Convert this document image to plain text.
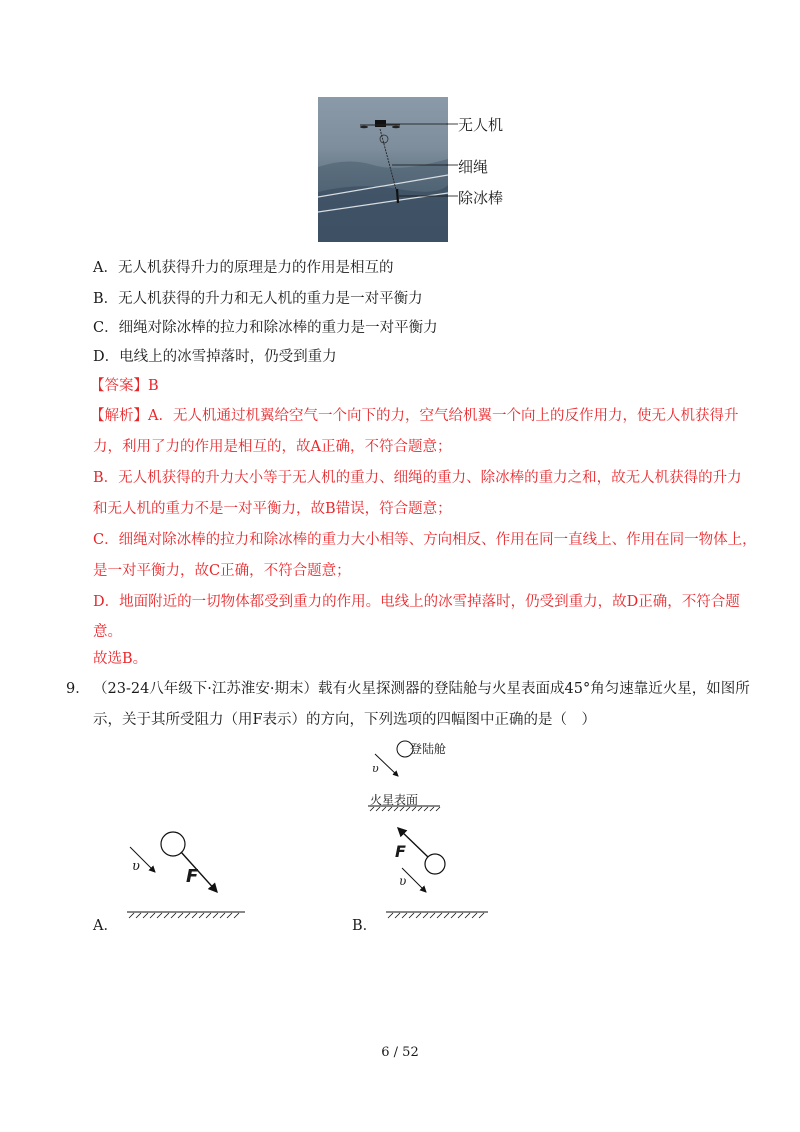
无人机
细绳
除冰棒
A．无人机获得升力的原理是力的作用是相互的
B．无人机获得的升力和无人机的重力是一对平衡力
C．细绳对除冰棒的拉力和除冰棒的重力是一对平衡力
D．电线上的冰雪掉落时，仍受到重力
【答案】B
【解析】A．无人机通过机翼给空气一个向下的力，空气给机翼一个向上的反作用力，使无人机获得升
力，利用了力的作用是相互的，故A正确，不符合题意；
B．无人机获得的升力大小等于无人机的重力、细绳的重力、除冰棒的重力之和，故无人机获得的升力
和无人机的重力不是一对平衡力，故B错误，符合题意；
C．细绳对除冰棒的拉力和除冰棒的重力大小相等、方向相反、作用在同一直线上、作用在同一物体上，
是一对平衡力，故C正确，不符合题意；
D．地面附近的一切物体都受到重力的作用。电线上的冰雪掉落时，仍受到重力，故D正确，不符合题
意。
故选B。
9． （23-24八年级下·江苏淮安·期末）载有火星探测器的登陆舱与火星表面成45°角匀速靠近火星，如图所
示，关于其所受阻力（用F表示）的方向，下列选项的四幅图中正确的是（　）
登陆舱
υ
火星表面
F
υ
A．
F
υ
B．
6 / 52
